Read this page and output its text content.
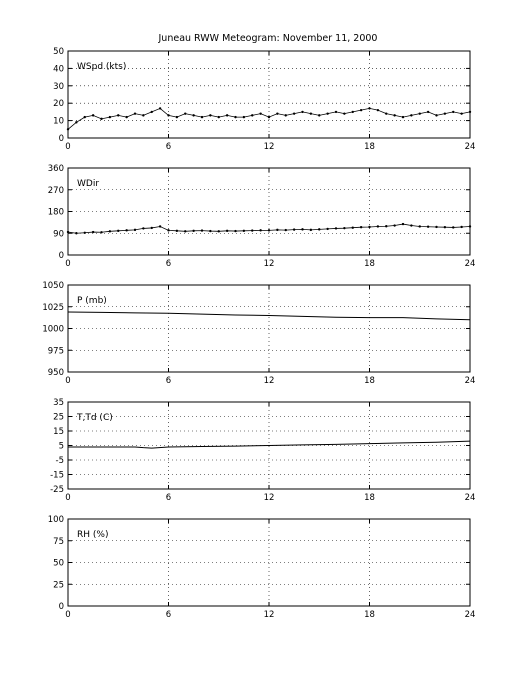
Juneau RWW Meteogram: November 11, 2000
0	6	12	18	24
0
10
20
30
40
50
WSpd (kts)
0	6	12	18	24
0
90
180
270
360
WDir
0	6	12	18	24
950
975
1000
1025
1050
P (mb)
0	6	12	18	24
-25
-15
-5
5
15
25
35
T,Td (C)
0	6	12	18	24
0
25
50
75
100
RH (%)
